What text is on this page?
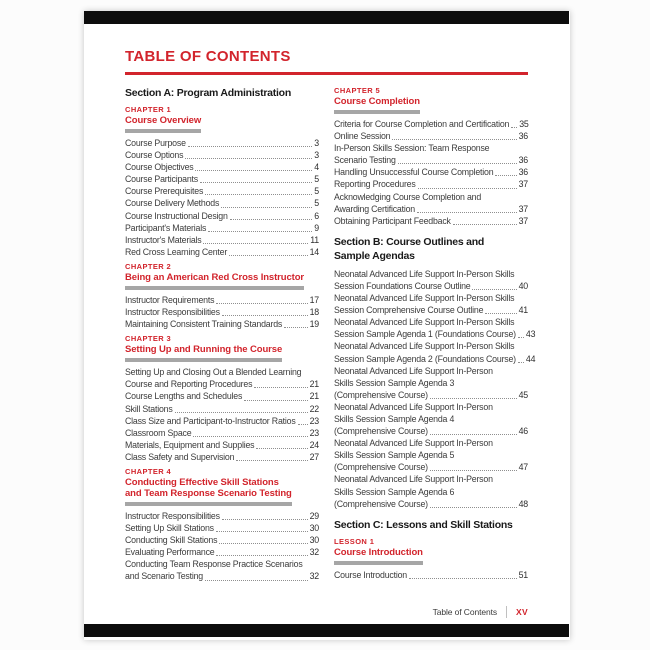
TABLE OF CONTENTS
Section A: Program Administration
CHAPTER 1
Course Overview
Course Purpose	3
Course Options	3
Course Objectives	4
Course Participants	5
Course Prerequisites	5
Course Delivery Methods	5
Course Instructional Design	6
Participant's Materials	9
Instructor's Materials	11
Red Cross Learning Center	14
CHAPTER 2
Being an American Red Cross Instructor
Instructor Requirements	17
Instructor Responsibilities	18
Maintaining Consistent Training Standards	19
CHAPTER 3
Setting Up and Running the Course
Setting Up and Closing Out a Blended Learning
Course and Reporting Procedures	21
Course Lengths and Schedules	21
Skill Stations	22
Class Size and Participant-to-Instructor Ratios 23
Classroom Space	23
Materials, Equipment and Supplies	24
Class Safety and Supervision	27
CHAPTER 4
Conducting Effective Skill Stations
and Team Response Scenario Testing
Instructor Responsibilities	29
Setting Up Skill Stations	30
Conducting Skill Stations	30
Evaluating Performance	32
Conducting Team Response Practice Scenarios
and Scenario Testing	32
CHAPTER 5
Course Completion
Criteria for Course Completion and Certification 35
Online Session	36
In-Person Skills Session: Team Response
Scenario Testing	36
Handling Unsuccessful Course Completion	36
Reporting Procedures	37
Acknowledging Course Completion and
Awarding Certification	37
Obtaining Participant Feedback	37
Section B: Course Outlines and
Sample Agendas
Neonatal Advanced Life Support In-Person Skills
Session Foundations Course Outline	40
Neonatal Advanced Life Support In-Person Skills
Session Comprehensive Course Outline	41
Neonatal Advanced Life Support In-Person Skills
Session Sample Agenda 1 (Foundations Course) 43
Neonatal Advanced Life Support In-Person Skills
Session Sample Agenda 2 (Foundations Course) 44
Neonatal Advanced Life Support In-Person
Skills Session Sample Agenda 3
(Comprehensive Course)	45
Neonatal Advanced Life Support In-Person
Skills Session Sample Agenda 4
(Comprehensive Course)	46
Neonatal Advanced Life Support In-Person
Skills Session Sample Agenda 5
(Comprehensive Course)	47
Neonatal Advanced Life Support In-Person
Skills Session Sample Agenda 6
(Comprehensive Course)	48
Section C: Lessons and Skill Stations
LESSON 1
Course Introduction
Course Introduction	51
Table of Contents XV
